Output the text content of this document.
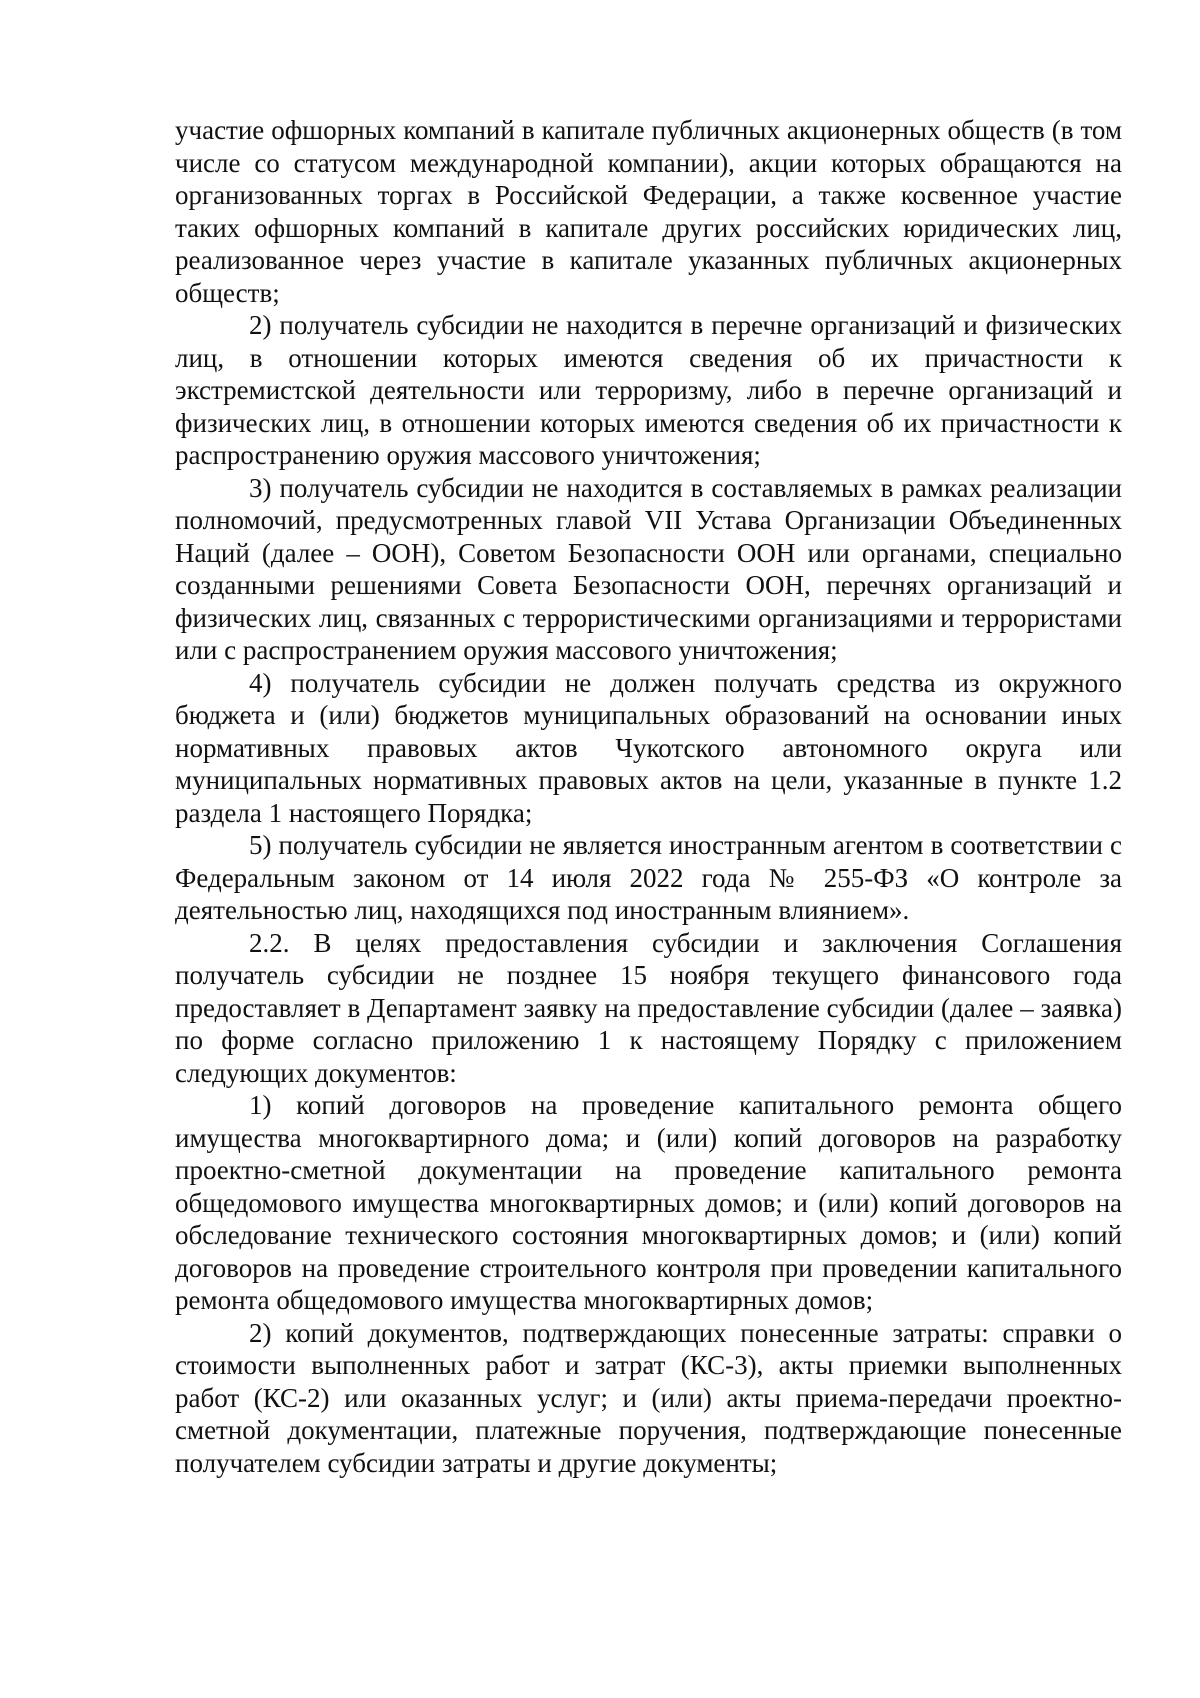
участие офшорных компаний в капитале публичных акционерных обществ (в том числе со статусом международной компании), акции которых обращаются на организованных торгах в Российской Федерации, а также косвенное участие таких офшорных компаний в капитале других российских юридических лиц, реализованное через участие в капитале указанных публичных акционерных обществ;

2) получатель субсидии не находится в перечне организаций и физических лиц, в отношении которых имеются сведения об их причастности к экстремистской деятельности или терроризму, либо в перечне организаций и физических лиц, в отношении которых имеются сведения об их причастности к распространению оружия массового уничтожения;

3) получатель субсидии не находится в составляемых в рамках реализации полномочий, предусмотренных главой VII Устава Организации Объединенных Наций (далее – ООН), Советом Безопасности ООН или органами, специально созданными решениями Совета Безопасности ООН, перечнях организаций и физических лиц, связанных с террористическими организациями и террористами или с распространением оружия массового уничтожения;

4) получатель субсидии не должен получать средства из окружного бюджета и (или) бюджетов муниципальных образований на основании иных нормативных правовых актов Чукотского автономного округа или муниципальных нормативных правовых актов на цели, указанные в пункте 1.2 раздела 1 настоящего Порядка;

5) получатель субсидии не является иностранным агентом в соответствии с Федеральным законом от 14 июля 2022 года № 255-ФЗ «О контроле за деятельностью лиц, находящихся под иностранным влиянием».

2.2. В целях предоставления субсидии и заключения Соглашения получатель субсидии не позднее 15 ноября текущего финансового года предоставляет в Департамент заявку на предоставление субсидии (далее – заявка) по форме согласно приложению 1 к настоящему Порядку с приложением следующих документов:

1) копий договоров на проведение капитального ремонта общего имущества многоквартирного дома; и (или) копий договоров на разработку проектно-сметной документации на проведение капитального ремонта общедомового имущества многоквартирных домов; и (или) копий договоров на обследование технического состояния многоквартирных домов; и (или) копий договоров на проведение строительного контроля при проведении капитального ремонта общедомового имущества многоквартирных домов;

2) копий документов, подтверждающих понесенные затраты: справки о стоимости выполненных работ и затрат (КС-3), акты приемки выполненных работ (КС-2) или оказанных услуг; и (или) акты приема-передачи проектно-сметной документации, платежные поручения, подтверждающие понесенные получателем субсидии затраты и другие документы;
